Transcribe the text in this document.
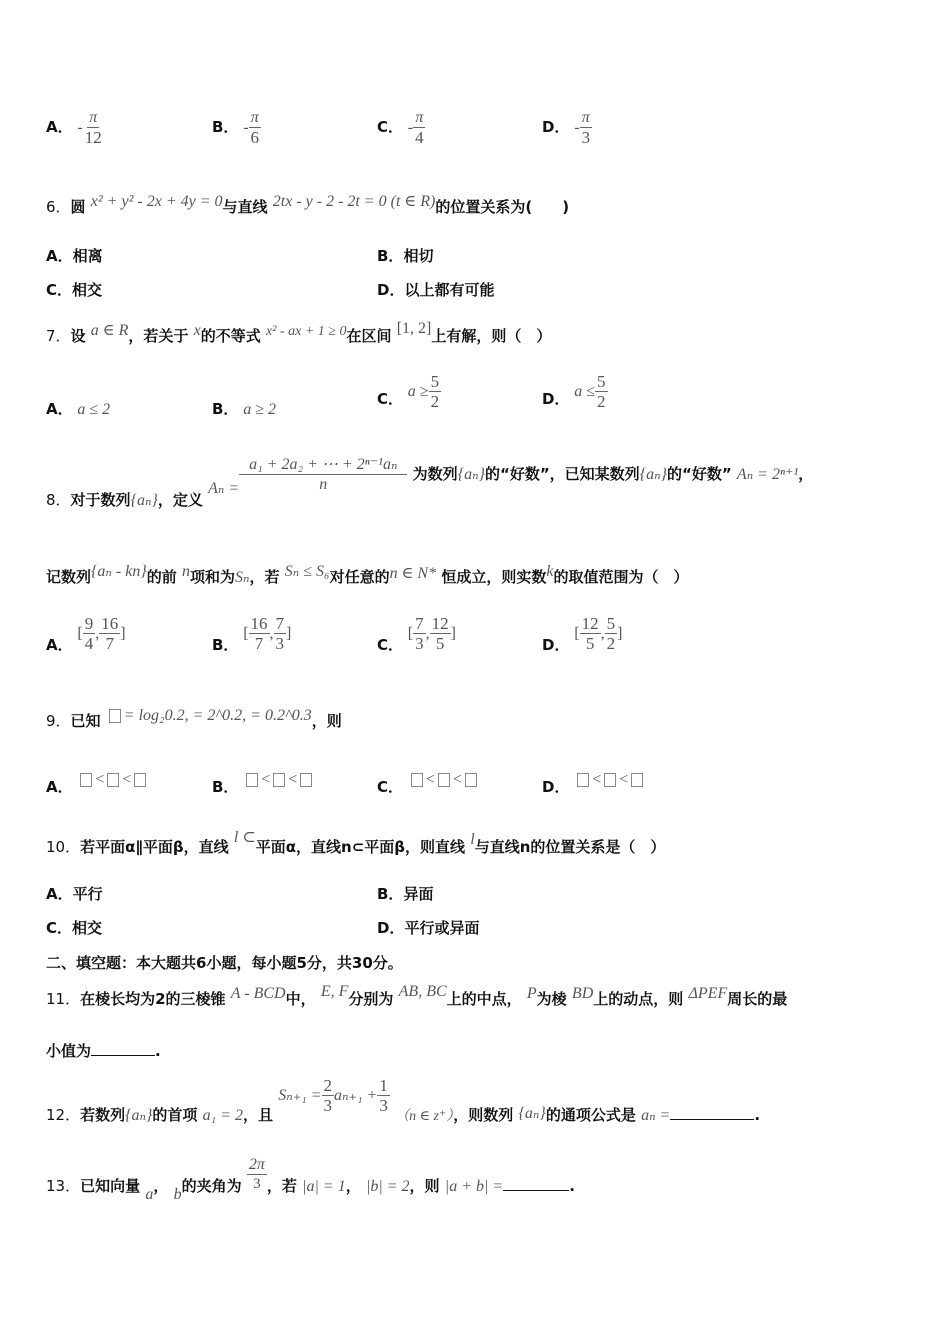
A． - $\frac{\pi}{12}$	B． - $\frac{\pi}{6}$	C． - $\frac{\pi}{4}$	D． - $\frac{\pi}{3}$
6．圆 x² + y² - 2x + 4y = 0与直线 2tx - y - 2 - 2t = 0 (t ∈ R)的位置关系为(　　)
A．相离	B．相切
C．相交	D．以上都有可能
7．设 a ∈ R，若关于 x的不等式 x² - ax + 1 ≥ 0在区间 [1, 2]上有解，则（　）
A． a ≤ 2	B． a ≥ 2
C． $a \ge \frac{5}{2}$	D． $a \le \frac{5}{2}$
8．对于数列{aₙ}，定义 $A_n = \frac{\text{a₁ + 2a₂ + ⋯ + 2ⁿ⁻¹aₙ}}{n}$ 为数列{aₙ}的“好数”，已知某数列{aₙ}的“好数” Aₙ = 2ⁿ⁺¹，
记数列{aₙ - kn}的前 n项和为Sₙ，若 Sₙ ≤ S₆对任意的n ∈ N* 恒成立，则实数k的取值范围为（　）
A． [ $\frac{9}{4}$ , $\frac{16}{7}$ ]
B． [ $\frac{16}{7}$ , $\frac{7}{3}$ ]
C． [ $\frac{7}{3}$ , $\frac{12}{5}$ ]
D． [ $\frac{12}{5}$ , $\frac{5}{2}$ ]
9．已知 = log₂0.2, = 2^0.2, = 0.2^0.3，则
A． < <	B． < <	C． < <	D． < <
10．若平面α∥平面β，直线 l ⊂平面α，直线n⊂平面β，则直线 l与直线n的位置关系是（　）
A．平行	B．异面
C．相交	D．平行或异面
二、填空题：本大题共6小题，每小题5分，共30分。
11．在棱长均为2的三棱锥 A - BCD中， E, F分别为 AB, BC上的中点， P为棱 BD上的动点，则 ΔPEF周长的最
小值为	.
12．若数列{aₙ}的首项 a₁ = 2，且 $S_{n+1} = \frac{2}{3} a_{n+1} + \frac{1}{3}$
（n ∈ z⁺），则数列 {aₙ}的通项公式是 aₙ =	.
13．已知向量 a， b的夹角为 $\frac{2\pi}{3}$ ，若 |a| = 1， |b| = 2，则 |a + b| =	.
